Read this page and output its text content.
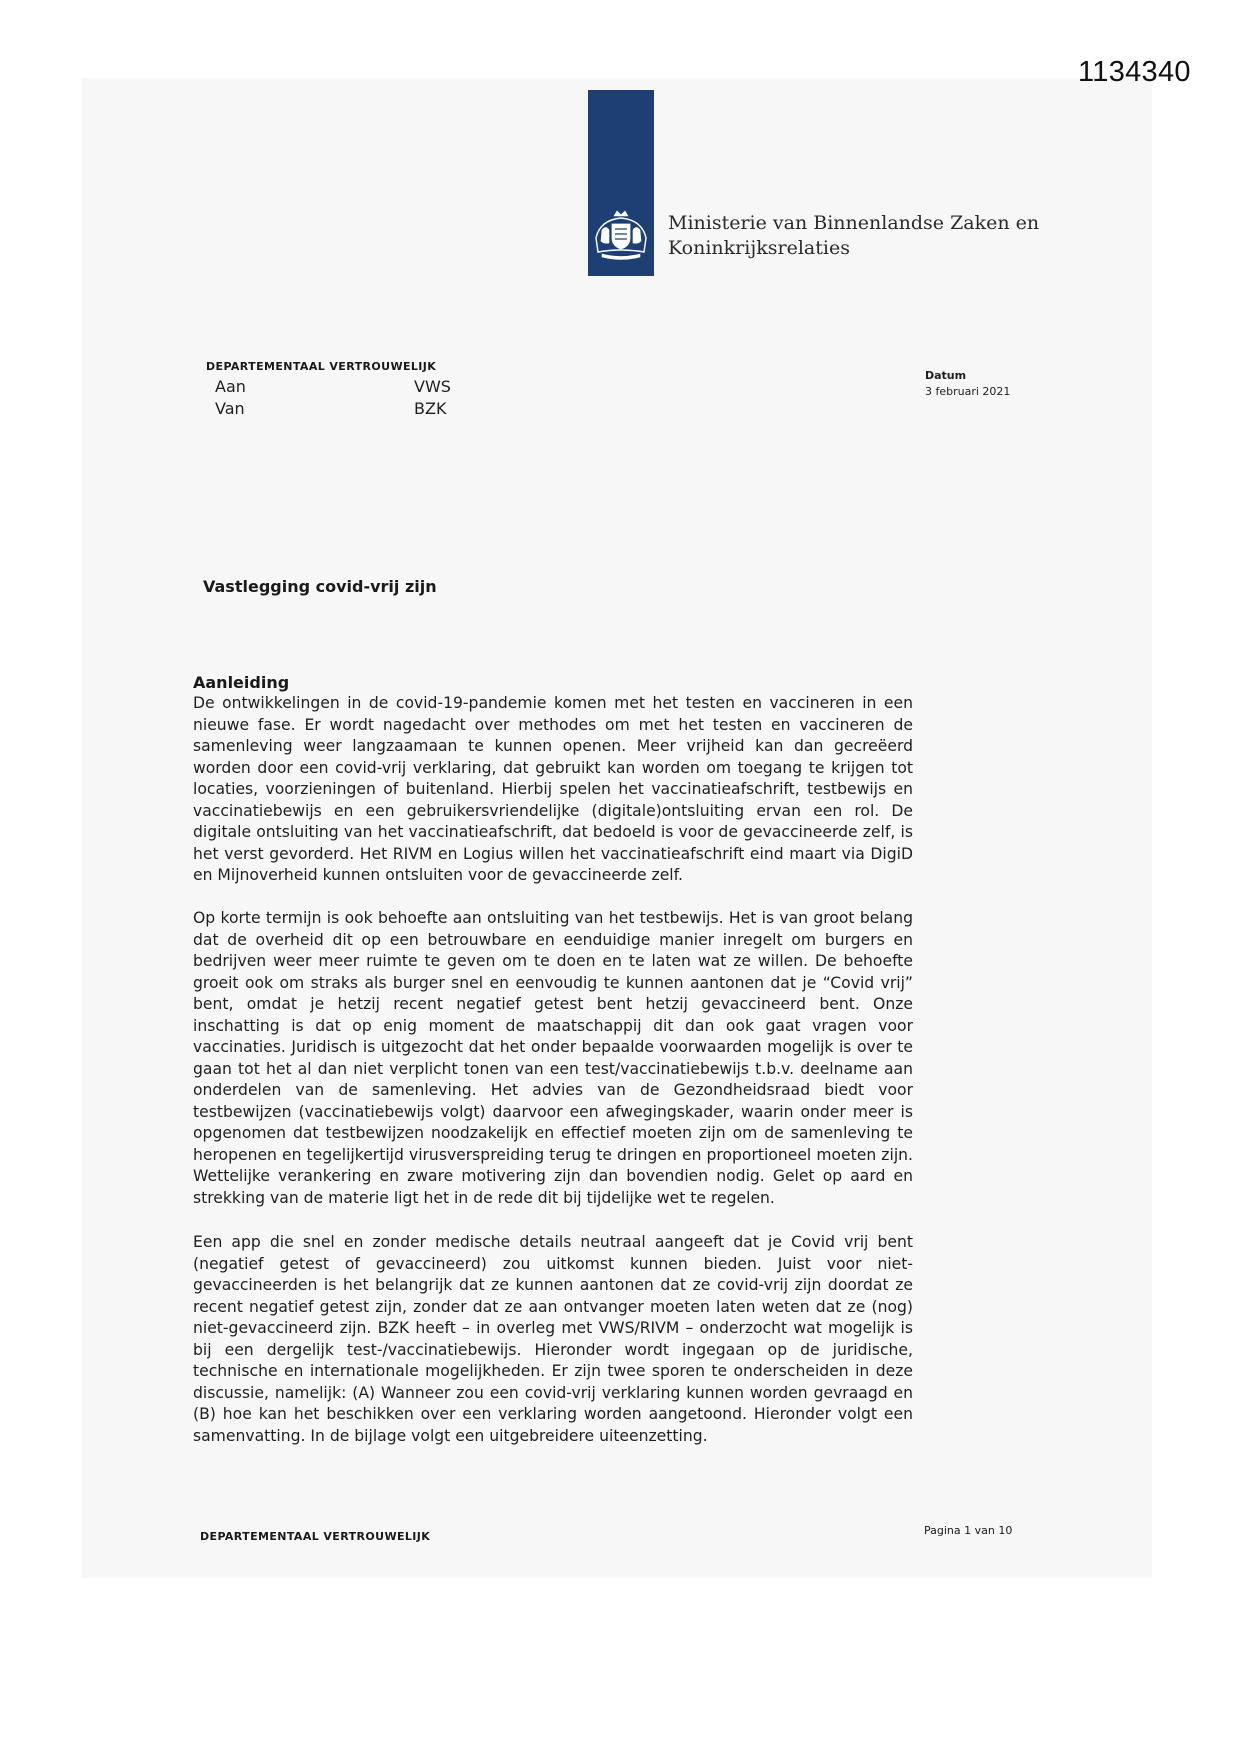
1134340
Ministerie van Binnenlandse Zaken en
Koninkrijksrelaties
DEPARTEMENTAAL VERTROUWELIJK
Aan	VWS
Van	BZK
Datum
3 februari 2021
Vastlegging covid-vrij zijn
Aanleiding

De ontwikkelingen in de covid-19-pandemie komen met het testen en vaccineren in een nieuwe fase. Er wordt nagedacht over methodes om met het testen en vaccineren de samenleving weer langzaamaan te kunnen openen. Meer vrijheid kan dan gecreëerd worden door een covid-vrij verklaring, dat gebruikt kan worden om toegang te krijgen tot locaties, voorzieningen of buitenland. Hierbij spelen het vaccinatieafschrift, testbewijs en vaccinatiebewijs en een gebruikersvriendelijke (digitale)ontsluiting ervan een rol. De digitale ontsluiting van het vaccinatieafschrift, dat bedoeld is voor de gevaccineerde zelf, is het verst gevorderd. Het RIVM en Logius willen het vaccinatieafschrift eind maart via DigiD en Mijnoverheid kunnen ontsluiten voor de gevaccineerde zelf.

Op korte termijn is ook behoefte aan ontsluiting van het testbewijs. Het is van groot belang dat de overheid dit op een betrouwbare en eenduidige manier inregelt om burgers en bedrijven weer meer ruimte te geven om te doen en te laten wat ze willen. De behoefte groeit ook om straks als burger snel en eenvoudig te kunnen aantonen dat je “Covid vrij” bent, omdat je hetzij recent negatief getest bent hetzij gevaccineerd bent. Onze inschatting is dat op enig moment de maatschappij dit dan ook gaat vragen voor vaccinaties. Juridisch is uitgezocht dat het onder bepaalde voorwaarden mogelijk is over te gaan tot het al dan niet verplicht tonen van een test/vaccinatiebewijs t.b.v. deelname aan onderdelen van de samenleving. Het advies van de Gezondheidsraad biedt voor testbewijzen (vaccinatiebewijs volgt) daarvoor een afwegingskader, waarin onder meer is opgenomen dat testbewijzen noodzakelijk en effectief moeten zijn om de samenleving te heropenen en tegelijkertijd virusverspreiding terug te dringen en proportioneel moeten zijn. Wettelijke verankering en zware motivering zijn dan bovendien nodig. Gelet op aard en strekking van de materie ligt het in de rede dit bij tijdelijke wet te regelen.

Een app die snel en zonder medische details neutraal aangeeft dat je Covid vrij bent (negatief getest of gevaccineerd) zou uitkomst kunnen bieden. Juist voor niet-gevaccineerden is het belangrijk dat ze kunnen aantonen dat ze covid-vrij zijn doordat ze recent negatief getest zijn, zonder dat ze aan ontvanger moeten laten weten dat ze (nog) niet-gevaccineerd zijn. BZK heeft – in overleg met VWS/RIVM – onderzocht wat mogelijk is bij een dergelijk test-/vaccinatiebewijs. Hieronder wordt ingegaan op de juridische, technische en internationale mogelijkheden. Er zijn twee sporen te onderscheiden in deze discussie, namelijk: (A) Wanneer zou een covid-vrij verklaring kunnen worden gevraagd en (B) hoe kan het beschikken over een verklaring worden aangetoond. Hieronder volgt een samenvatting. In de bijlage volgt een uitgebreidere uiteenzetting.

DEPARTEMENTAAL VERTROUWELIJK	Pagina 1 van 10
